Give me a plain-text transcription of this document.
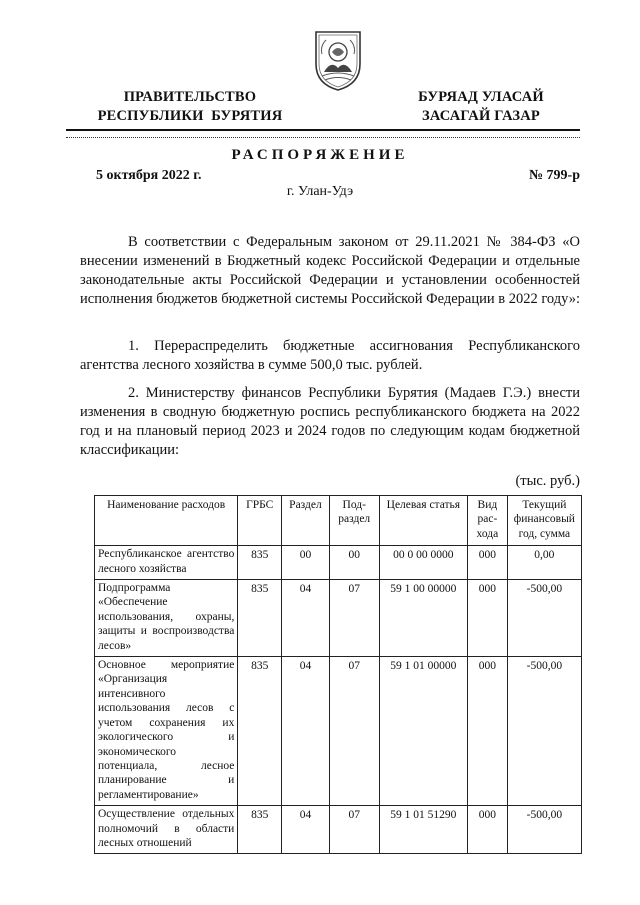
ПРАВИТЕЛЬСТВО
РЕСПУБЛИКИ  БУРЯТИЯ
БУРЯАД УЛАСАЙ
ЗАСАГАЙ ГАЗАР
РАСПОРЯЖЕНИЕ
5 октября 2022 г.	№ 799-р
г. Улан-Удэ
В соответствии с Федеральным законом от 29.11.2021 № 384-ФЗ «О внесении изменений в Бюджетный кодекс Российской Федерации и отдельные законодательные акты Российской Федерации и установлении особенностей исполнения бюджетов бюджетной системы Российской Федерации в 2022 году»:
1. Перераспределить бюджетные ассигнования Республиканского агентства лесного хозяйства в сумме 500,0 тыс. рублей.
2. Министерству финансов Республики Бурятия (Мадаев Г.Э.) внести изменения в сводную бюджетную роспись республиканского бюджета на 2022 год и на плановый период 2023 и 2024 годов по следующим кодам бюджетной классификации:
(тыс. руб.)
Наименование расходов	ГРБС	Раздел	Под-раздел	Целевая статья	Вид рас-хода	Текущий финансовый год, сумма
Республиканское агентство леcного хозяйства	835	00	00	00 0 00 0000	000	0,00
Подпрограмма «Обеспечение использования, охраны, защиты и воспроизводства лесов»	835	04	07	59 1 00 00000	000	-500,00
Основное мероприятие «Организация интенсивного использования лесов с учетом сохранения их экологического и экономического потенциала, лесное планирование и регламентирование»	835	04	07	59 1 01 00000	000	-500,00
Осуществление отдельных полномочий в области лесных отношений	835	04	07	59 1 01 51290	000	-500,00
